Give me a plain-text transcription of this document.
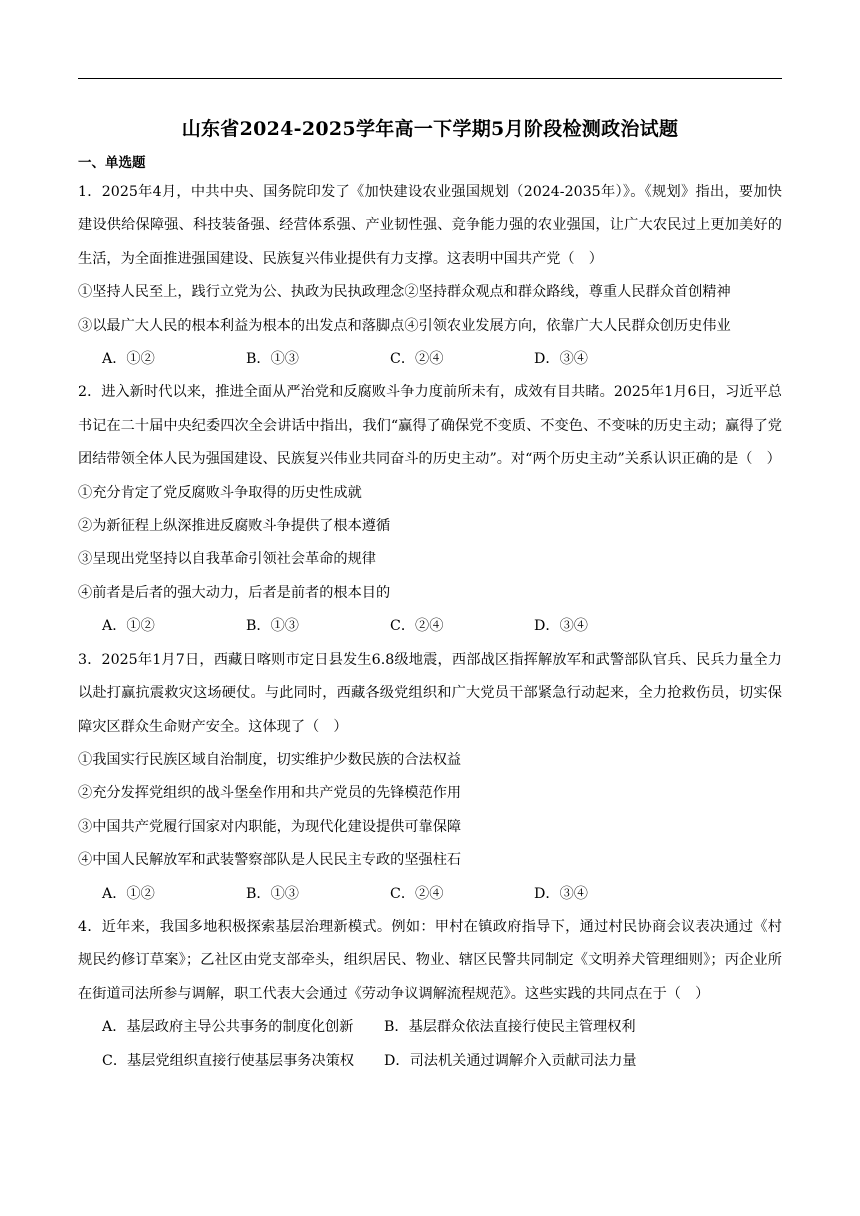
山东省2024-2025学年高一下学期5月阶段检测政治试题
一、单选题
1．2025年4月，中共中央、国务院印发了《加快建设农业强国规划（2024-2035年）》。《规划》指出，要加快建设供给保障强、科技装备强、经营体系强、产业韧性强、竞争能力强的农业强国，让广大农民过上更加美好的生活，为全面推进强国建设、民族复兴伟业提供有力支撑。这表明中国共产党（　）
①坚持人民至上，践行立党为公、执政为民执政理念②坚持群众观点和群众路线，尊重人民群众首创精神
③以最广大人民的根本利益为根本的出发点和落脚点④引领农业发展方向，依靠广大人民群众创历史伟业
A．①②	B．①③	C．②④	D．③④
2．进入新时代以来，推进全面从严治党和反腐败斗争力度前所未有，成效有目共睹。2025年1月6日，习近平总书记在二十届中央纪委四次全会讲话中指出，我们“赢得了确保党不变质、不变色、不变味的历史主动；赢得了党团结带领全体人民为强国建设、民族复兴伟业共同奋斗的历史主动”。对“两个历史主动”关系认识正确的是（　）
①充分肯定了党反腐败斗争取得的历史性成就
②为新征程上纵深推进反腐败斗争提供了根本遵循
③呈现出党坚持以自我革命引领社会革命的规律
④前者是后者的强大动力，后者是前者的根本目的
A．①②	B．①③	C．②④	D．③④
3．2025年1月7日，西藏日喀则市定日县发生6.8级地震，西部战区指挥解放军和武警部队官兵、民兵力量全力以赴打赢抗震救灾这场硬仗。与此同时，西藏各级党组织和广大党员干部紧急行动起来，全力抢救伤员，切实保障灾区群众生命财产安全。这体现了（　）
①我国实行民族区域自治制度，切实维护少数民族的合法权益
②充分发挥党组织的战斗堡垒作用和共产党员的先锋模范作用
③中国共产党履行国家对内职能，为现代化建设提供可靠保障
④中国人民解放军和武装警察部队是人民民主专政的坚强柱石
A．①②	B．①③	C．②④	D．③④
4．近年来，我国多地积极探索基层治理新模式。例如：甲村在镇政府指导下，通过村民协商会议表决通过《村规民约修订草案》；乙社区由党支部牵头，组织居民、物业、辖区民警共同制定《文明养犬管理细则》；丙企业所在街道司法所参与调解，职工代表大会通过《劳动争议调解流程规范》。这些实践的共同点在于（　）
A．基层政府主导公共事务的制度化创新 B．基层群众依法直接行使民主管理权利
C．基层党组织直接行使基层事务决策权 D．司法机关通过调解介入贡献司法力量
